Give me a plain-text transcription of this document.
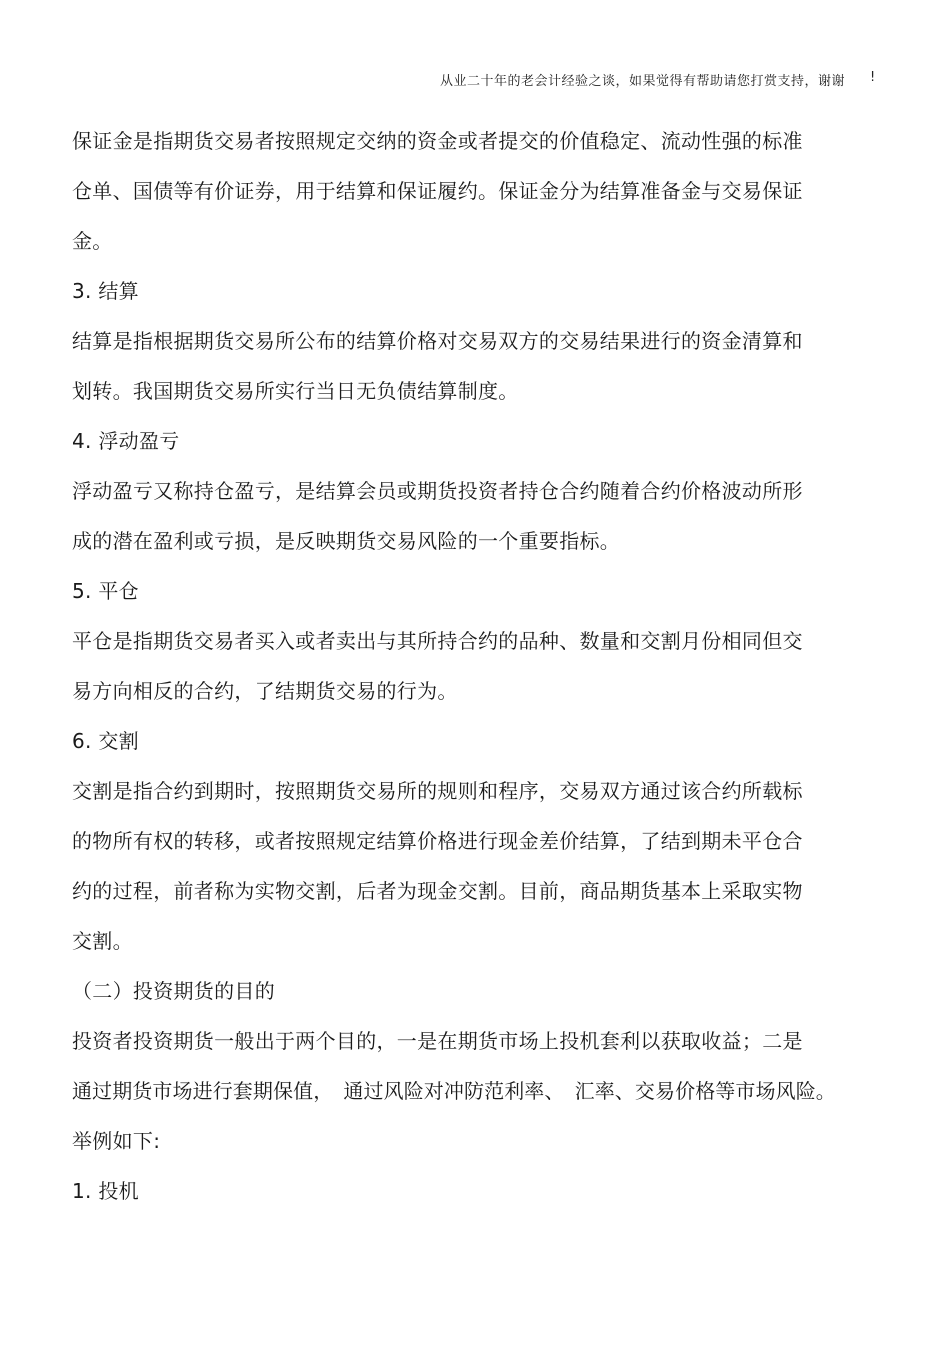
从业二十年的老会计经验之谈，如果觉得有帮助请您打赏支持，谢谢 !
保证金是指期货交易者按照规定交纳的资金或者提交的价值稳定、流动性强的标准
仓单、国债等有价证券，用于结算和保证履约。保证金分为结算准备金与交易保证
金。
3. 结算
结算是指根据期货交易所公布的结算价格对交易双方的交易结果进行的资金清算和
划转。我国期货交易所实行当日无负债结算制度。
4. 浮动盈亏
浮动盈亏又称持仓盈亏，是结算会员或期货投资者持仓合约随着合约价格波动所形
成的潜在盈利或亏损，是反映期货交易风险的一个重要指标。
5. 平仓
平仓是指期货交易者买入或者卖出与其所持合约的品种、数量和交割月份相同但交
易方向相反的合约，了结期货交易的行为。
6. 交割
交割是指合约到期时，按照期货交易所的规则和程序，交易双方通过该合约所载标
的物所有权的转移，或者按照规定结算价格进行现金差价结算，了结到期未平仓合
约的过程，前者称为实物交割，后者为现金交割。目前，商品期货基本上采取实物
交割。
（二）投资期货的目的
投资者投资期货一般出于两个目的，一是在期货市场上投机套利以获取收益；二是
通过期货市场进行套期保值，　通过风险对冲防范利率、　汇率、交易价格等市场风险。
举例如下:
1. 投机
